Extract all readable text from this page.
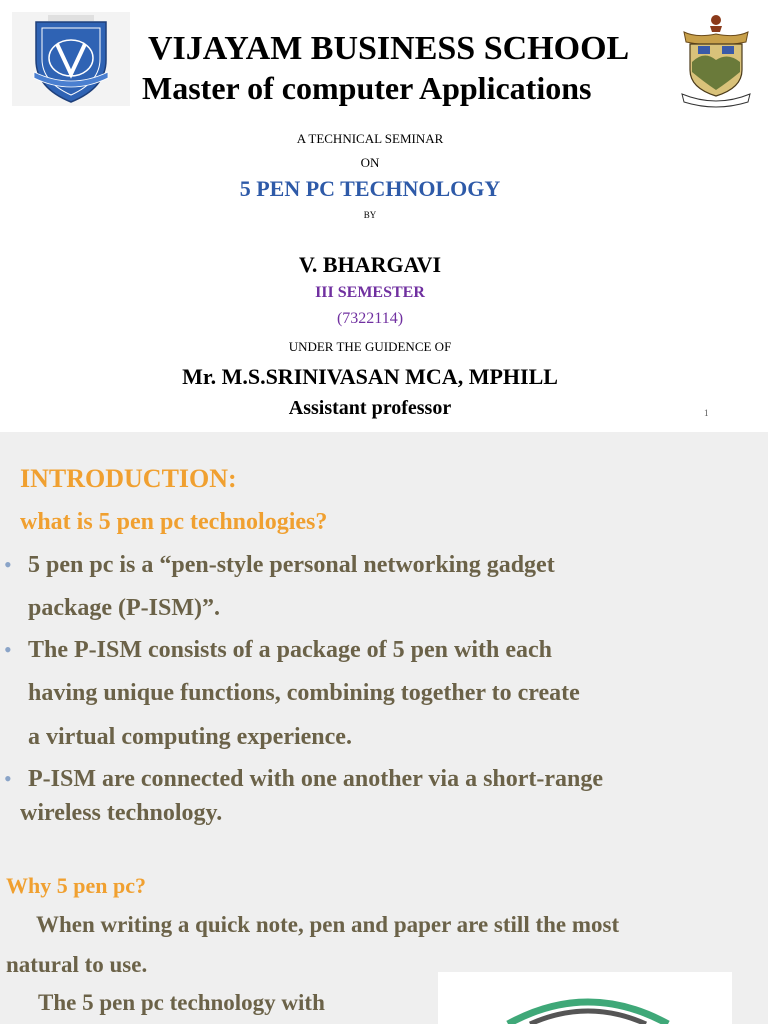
VIJAYAM BUSINESS SCHOOL
Master of computer Applications
A TECHNICAL SEMINAR
ON
5 PEN PC TECHNOLOGY
BY
V. BHARGAVI
III SEMESTER
(7322114)
UNDER THE GUIDENCE OF
Mr. M.S.SRINIVASAN MCA, MPHILL
Assistant professor	1
INTRODUCTION:
what is 5 pen pc technologies?
• 5 pen pc is a “pen-style personal networking gadget
package (P-ISM)”.
• The P-ISM consists of a package of 5 pen with each
having unique functions, combining together to create
a virtual computing experience.
• P-ISM are connected with one another via a short-range
wireless technology.
Why 5 pen pc?
When writing a quick note, pen and paper are still the most
natural to use.
The 5 pen pc technology with
